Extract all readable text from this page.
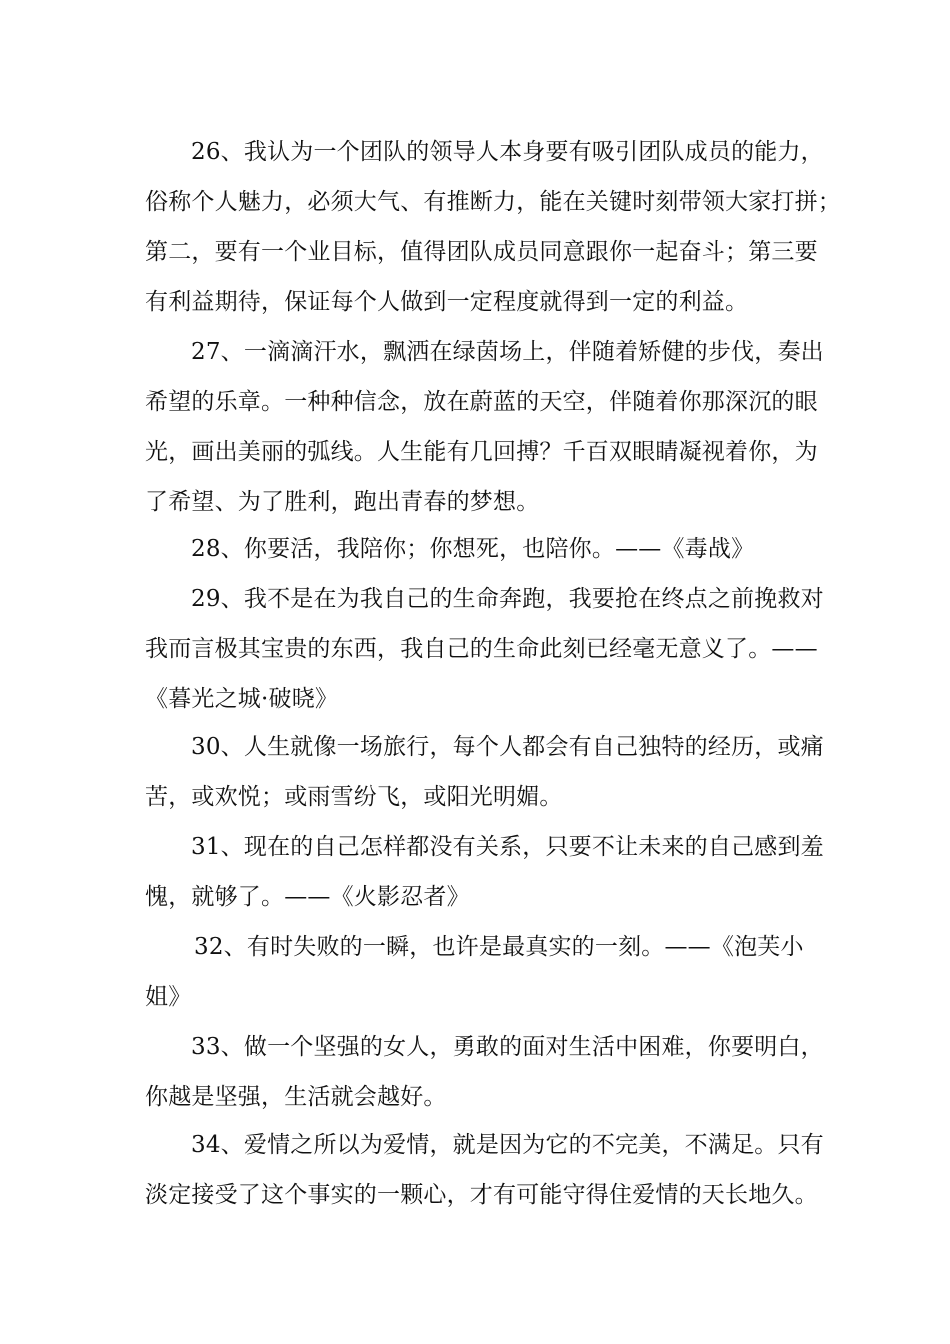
26、我认为一个团队的领导人本身要有吸引团队成员的能力，
俗称个人魅力，必须大气、有推断力，能在关键时刻带领大家打拼；
第二，要有一个业目标，值得团队成员同意跟你一起奋斗；第三要
有利益期待，保证每个人做到一定程度就得到一定的利益。
27、一滴滴汗水，飘洒在绿茵场上，伴随着矫健的步伐，奏出
希望的乐章。一种种信念，放在蔚蓝的天空，伴随着你那深沉的眼
光，画出美丽的弧线。人生能有几回搏？千百双眼睛凝视着你，为
了希望、为了胜利，跑出青春的梦想。
28、你要活，我陪你；你想死，也陪你。——《毒战》
29、我不是在为我自己的生命奔跑，我要抢在终点之前挽救对
我而言极其宝贵的东西，我自己的生命此刻已经毫无意义了。——
《暮光之城·破晓》
30、人生就像一场旅行，每个人都会有自己独特的经历，或痛
苦，或欢悦；或雨雪纷飞，或阳光明媚。
31、现在的自己怎样都没有关系，只要不让未来的自己感到羞
愧，就够了。——《火影忍者》
32、有时失败的一瞬，也许是最真实的一刻。——《泡芙小
姐》
33、做一个坚强的女人，勇敢的面对生活中困难，你要明白，
你越是坚强，生活就会越好。
34、爱情之所以为爱情，就是因为它的不完美，不满足。只有
淡定接受了这个事实的一颗心，才有可能守得住爱情的天长地久。
